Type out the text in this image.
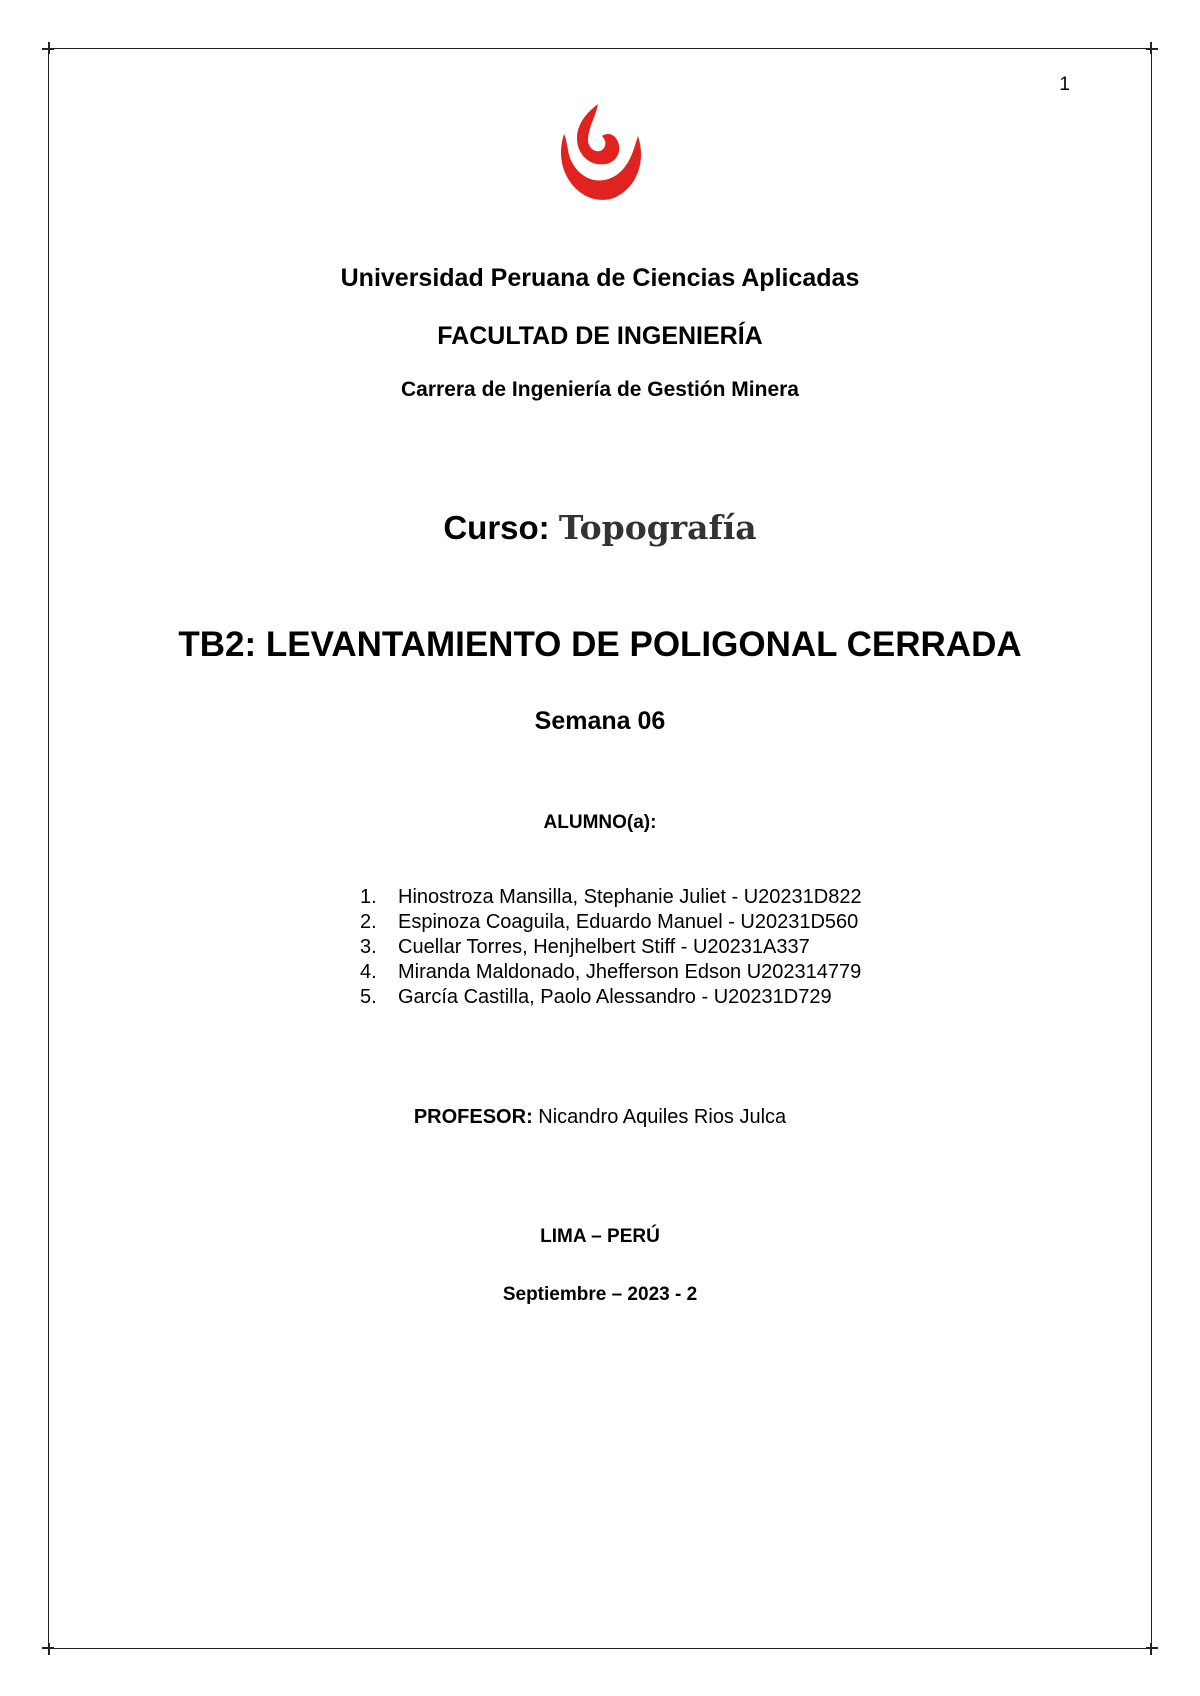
1
Universidad Peruana de Ciencias Aplicadas
FACULTAD DE INGENIERÍA
Carrera de Ingeniería de Gestión Minera
Curso: Topografía
TB2: LEVANTAMIENTO DE POLIGONAL CERRADA
Semana 06
ALUMNO(a):
1. Hinostroza Mansilla, Stephanie Juliet - U20231D822
2. Espinoza Coaguila, Eduardo Manuel - U20231D560
3. Cuellar Torres, Henjhelbert Stiff - U20231A337
4. Miranda Maldonado, Jhefferson Edson U202314779
5. García Castilla, Paolo Alessandro - U20231D729
PROFESOR: Nicandro Aquiles Rios Julca
LIMA – PERÚ
Septiembre – 2023 - 2
